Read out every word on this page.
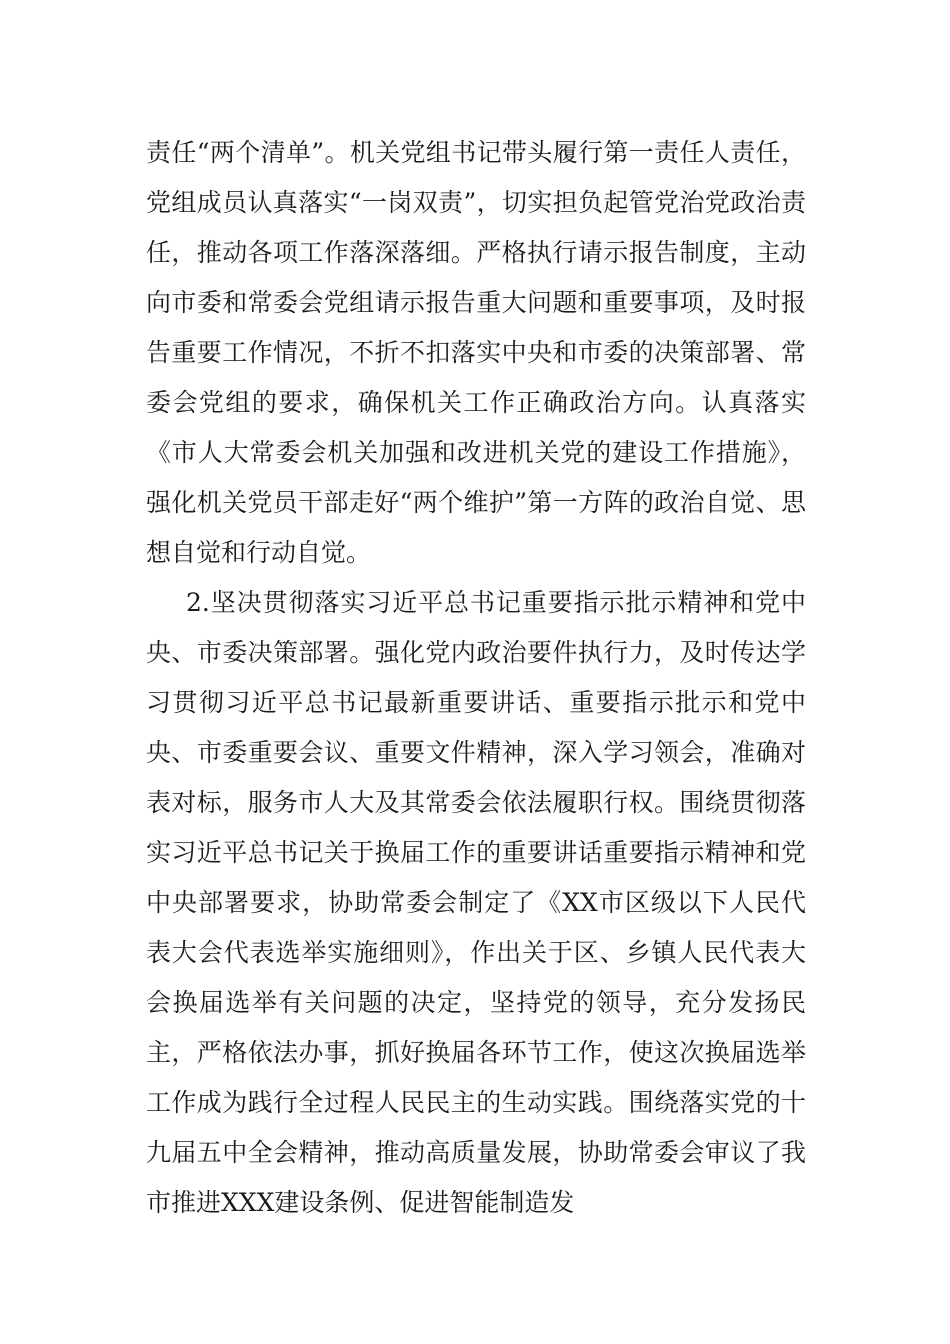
责任“两个清单”。机关党组书记带头履行第一责任人责任，党组成员认真落实“一岗双责”，切实担负起管党治党政治责任，推动各项工作落深落细。严格执行请示报告制度，主动向市委和常委会党组请示报告重大问题和重要事项，及时报告重要工作情况，不折不扣落实中央和市委的决策部署、常委会党组的要求，确保机关工作正确政治方向。认真落实《市人大常委会机关加强和改进机关党的建设工作措施》，强化机关党员干部走好“两个维护”第一方阵的政治自觉、思想自觉和行动自觉。

2.坚决贯彻落实习近平总书记重要指示批示精神和党中央、市委决策部署。强化党内政治要件执行力，及时传达学习贯彻习近平总书记最新重要讲话、重要指示批示和党中央、市委重要会议、重要文件精神，深入学习领会，准确对表对标，服务市人大及其常委会依法履职行权。围绕贯彻落实习近平总书记关于换届工作的重要讲话重要指示精神和党中央部署要求，协助常委会制定了《XX市区级以下人民代表大会代表选举实施细则》，作出关于区、乡镇人民代表大会换届选举有关问题的决定，坚持党的领导，充分发扬民主，严格依法办事，抓好换届各环节工作，使这次换届选举工作成为践行全过程人民民主的生动实践。围绕落实党的十九届五中全会精神，推动高质量发展，协助常委会审议了我市推进XXX建设条例、促进智能制造发
